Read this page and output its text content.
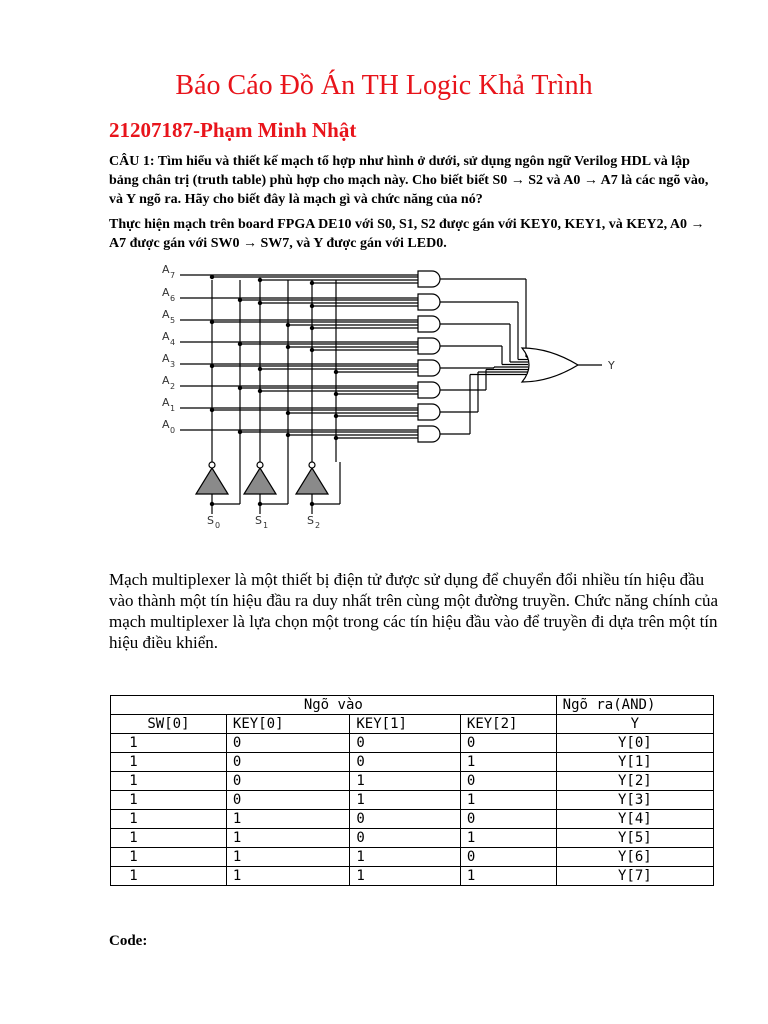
Báo Cáo Đồ Án TH Logic Khả Trình
21207187-Phạm Minh Nhật
CÂU 1: Tìm hiểu và thiết kế mạch tổ hợp như hình ở dưới, sử dụng ngôn ngữ Verilog HDL và lập bảng chân trị (truth table) phù hợp cho mạch này. Cho biết biết S0 → S2 và A0 → A7 là các ngõ vào, và Y ngõ ra. Hãy cho biết đây là mạch gì và chức năng của nó?
Thực hiện mạch trên board FPGA DE10 với S0, S1, S2 được gán với KEY0, KEY1, và KEY2, A0 → A7 được gán với SW0 → SW7, và Y được gán với LED0.
A 7
A 6
A 5
A 4
A 3
A 2
A 1
A 0
Y
S 0	S 1	S 2
Mạch multiplexer là một thiết bị điện tử được sử dụng để chuyển đổi nhiều tín hiệu đầu vào thành một tín hiệu đầu ra duy nhất trên cùng một đường truyền. Chức năng chính của mạch multiplexer là lựa chọn một trong các tín hiệu đầu vào để truyền đi dựa trên một tín hiệu điều khiển.
Ngõ vào				Ngõ ra(AND)
SW[0]	KEY[0]	KEY[1]	KEY[2]	Y
1	0	0	0	Y[0]
1	0	0	1	Y[1]
1	0	1	0	Y[2]
1	0	1	1	Y[3]
1	1	0	0	Y[4]
1	1	0	1	Y[5]
1	1	1	0	Y[6]
1	1	1	1	Y[7]
Code:
